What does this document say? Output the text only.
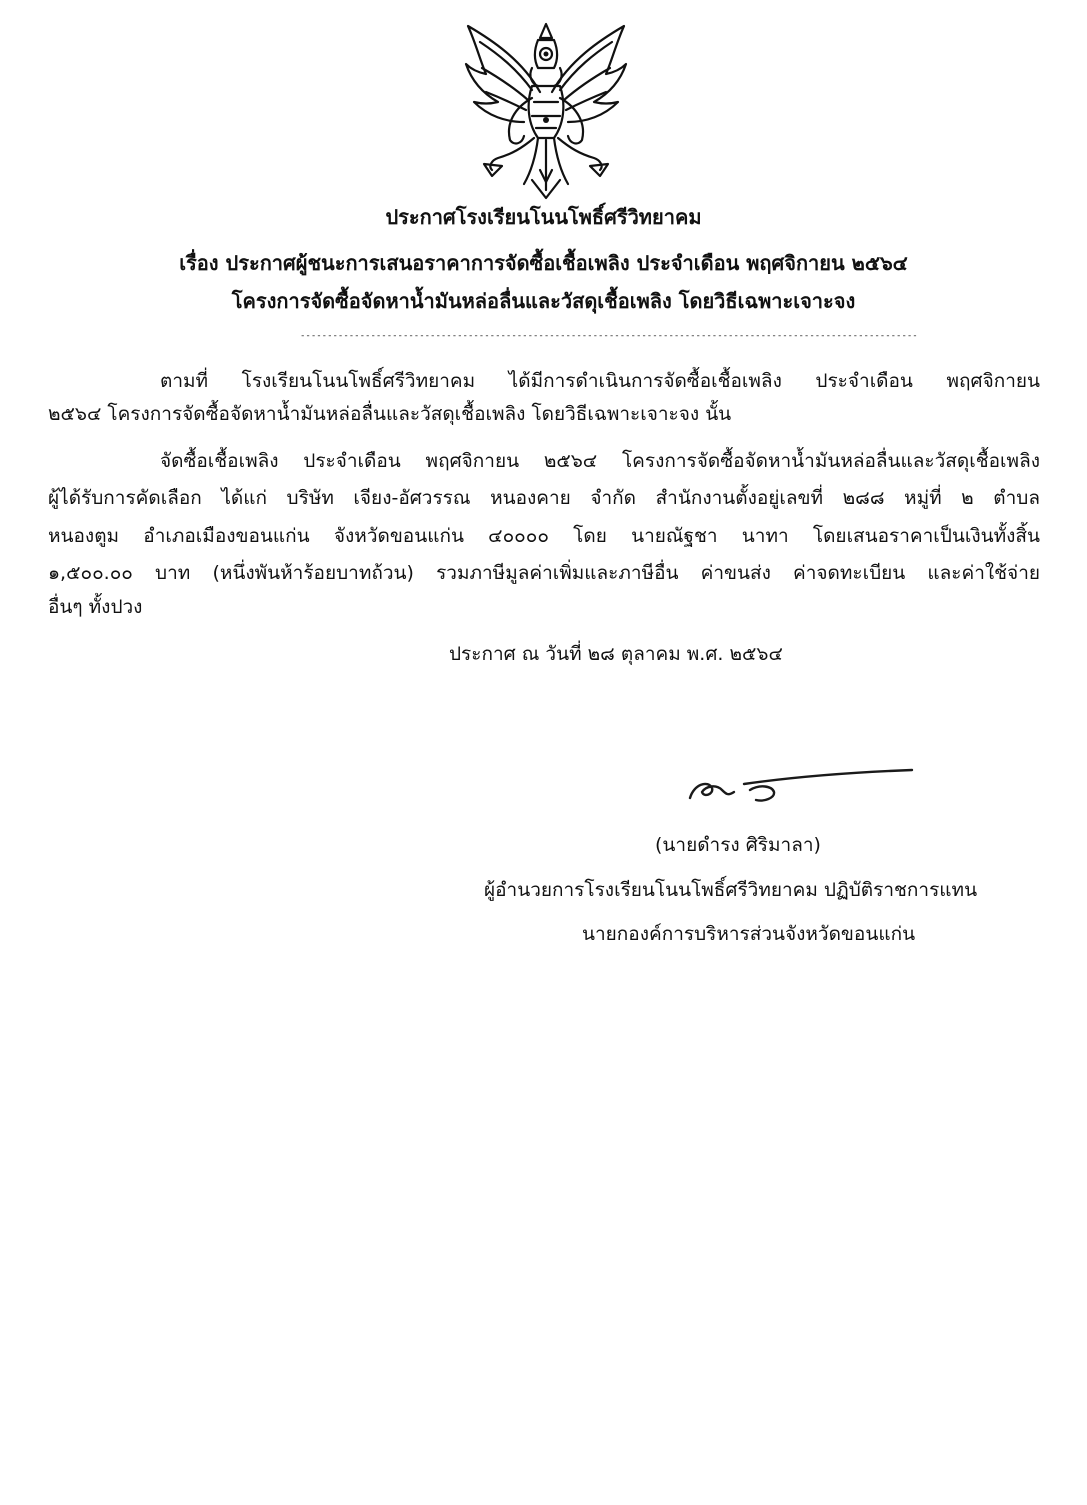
ประกาศโรงเรียนโนนโพธิ์ศรีวิทยาคม
เรื่อง ประกาศผู้ชนะการเสนอราคาการจัดซื้อเชื้อเพลิง ประจำเดือน พฤศจิกายน ๒๕๖๔
โครงการจัดซื้อจัดหาน้ำมันหล่อลื่นและวัสดุเชื้อเพลิง โดยวิธีเฉพาะเจาะจง
------------------------------------------------------------------------------------------------------------------
ตามที่ โรงเรียนโนนโพธิ์ศรีวิทยาคม ได้มีการดำเนินการจัดซื้อเชื้อเพลิง ประจำเดือน พฤศจิกายน
๒๕๖๔ โครงการจัดซื้อจัดหาน้ำมันหล่อลื่นและวัสดุเชื้อเพลิง โดยวิธีเฉพาะเจาะจง นั้น
จัดซื้อเชื้อเพลิง ประจำเดือน พฤศจิกายน ๒๕๖๔ โครงการจัดซื้อจัดหาน้ำมันหล่อลื่นและวัสดุเชื้อเพลิง
ผู้ได้รับการคัดเลือก ได้แก่ บริษัท เจียง-อัศวรรณ หนองคาย จำกัด สำนักงานตั้งอยู่เลขที่ ๒๘๘ หมู่ที่ ๒ ตำบล
หนองตูม อำเภอเมืองขอนแก่น จังหวัดขอนแก่น ๔๐๐๐๐ โดย นายณัฐชา นาทา โดยเสนอราคาเป็นเงินทั้งสิ้น
๑,๕๐๐.๐๐ บาท (หนึ่งพันห้าร้อยบาทถ้วน) รวมภาษีมูลค่าเพิ่มและภาษีอื่น ค่าขนส่ง ค่าจดทะเบียน และค่าใช้จ่าย
อื่นๆ ทั้งปวง
ประกาศ ณ วันที่ ๒๘ ตุลาคม พ.ศ. ๒๕๖๔
(นายดำรง ศิริมาลา)
ผู้อำนวยการโรงเรียนโนนโพธิ์ศรีวิทยาคม ปฏิบัติราชการแทน
นายกองค์การบริหารส่วนจังหวัดขอนแก่น
